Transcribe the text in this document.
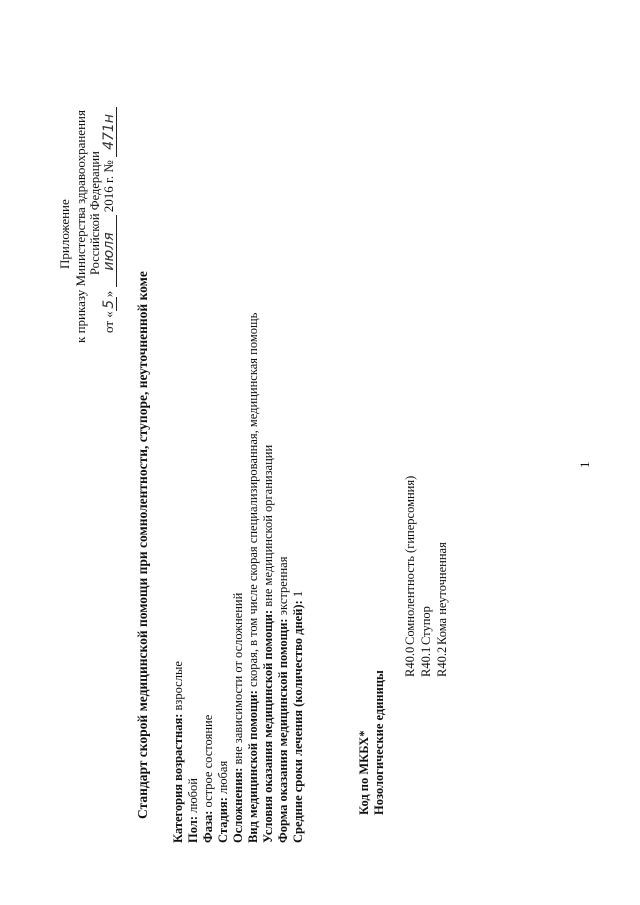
Приложение к приказу Министерства здравоохранения Российской Федерации
от «5» июля 2016 г. № 471н
Стандарт скорой медицинской помощи при сомнолентности, ступоре, неуточненной коме Категория возрастная: взрослые
Пол: любой
Фаза: острое состояние
Стадия: любая Осложнения: вне зависимости от осложнений Вид медицинской помощи: скорая, в том числе скорая специализированная, медицинская помощь
Условия оказания медицинской помощи: вне медицинской организации
Форма оказания медицинской помощи: экстренная
Средние сроки лечения (количество дней): 1
Код по МКБХ* Нозологические единицы
R40.0Сомнолентность (гиперсомния)
R40.1Ступор
R40.2Кома неуточненная
1
